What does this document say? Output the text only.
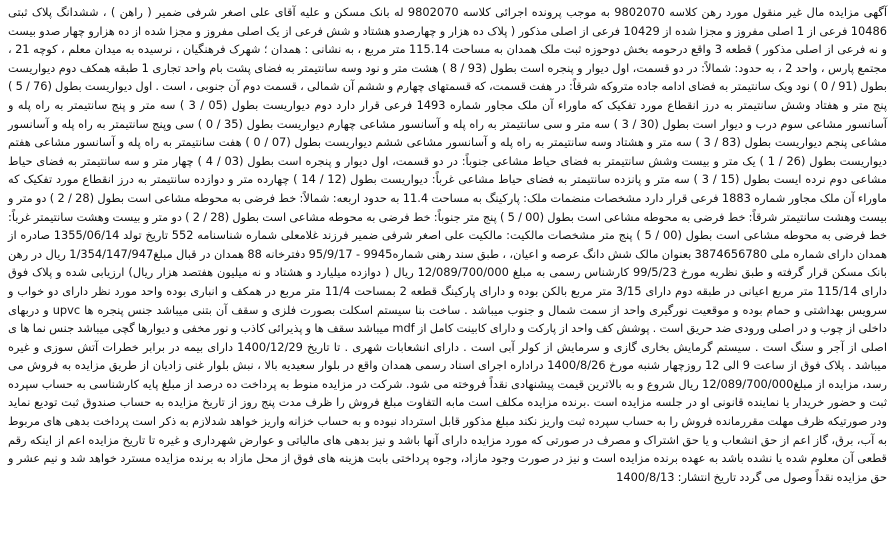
آگهی مزایده مال غیر منقول مورد رهن کلاسه 9802070 به موجب پرونده اجرائی کلاسه 9802070 له بانک مسکن و علیه آقای علی اصغر شرفی ضمیر ( راهن ) ، ششدانگ پلاک ثبتی 10486 فرعی از 1 اصلی مفروز و مجزا شده از 10429 فرعی از اصلی مذکور ( پلاک ده هزار و چهارصدو هشتاد و شش فرعی از یک اصلی مفروز و مجزا شده از ده هزارو چهار صدو بیست و نه فرعی از اصلی مذکور ) قطعه 3 واقع درحومه بخش دوحوزه ثبت ملک همدان به مساحت 115.14 متر مربع ، به نشانی : همدان ؛ شهرک فرهنگیان ، نرسیده به میدان معلم ، کوچه 21 ، مجتمع پارس ، واحد 2 ، به حدود: شمالاً: در دو قسمت، اول دیوار و پنجره است بطول (93 / 8 ) هشت متر و نود وسه سانتیمتر به فضای پشت بام واحد تجاری 1 طبقه همکف دوم دیواریست بطول (91 / 0 ) نود ویک سانتیمتر به فضای ادامه جاده متروکه شرقاً: در هفت قسمت، که قسمتهای چهارم و ششم آن شمالی ، قسمت دوم آن جنوبی ، است . اول دیواریست بطول (76 / 5 ) پنج متر و هفتاد وشش سانتیمتر به درز انقطاع مورد تفکیک که ماوراء آن ملک مجاور شماره 1493 فرعی قرار دارد دوم دیواریست بطول (05 / 3 ) سه متر و پنج سانتیمتر به راه پله و آسانسور مشاعی سوم درب و دیوار است بطول (30 / 3 ) سه متر و سی سانتیمتر به راه پله و آسانسور مشاعی چهارم دیواریست بطول (35 / 0 ) سی وپنج سانتیمتر به راه پله و آسانسور مشاعی پنجم دیواریست بطول (83 / 3 ) سه متر و هشتاد وسه سانتیمتر به راه پله و آسانسور مشاعی ششم دیواریست بطول (07 / 0 ) هفت سانتیمتر به راه پله و آسانسور مشاعی هفتم دیواریست بطول (26 / 1 ) یک متر و بیست وشش سانتیمتر به فضای حیاط مشاعی جنوباً: در دو قسمت، اول دیوار و پنجره است بطول (03 / 4 ) چهار متر و سه سانتیمتر به فضای حیاط مشاعی دوم نرده ایست بطول (15 / 3 ) سه متر و پانزده سانتیمتر به فضای حیاط مشاعی غرباً: دیواریست بطول (12 / 14 ) چهارده متر و دوازده سانتیمتر به درز انقطاع مورد تفکیک که ماوراء آن ملک مجاور شماره 1883 فرعی قرار دارد مشخصات منضمات ملک: پارکینگ به مساحت 11.4 به حدود اربعه: شمالاً: خط فرضی به محوطه مشاعی است بطول (28 / 2 ) دو متر و بیست وهشت سانتیمتر شرقاً: خط فرضی به محوطه مشاعی است بطول (00 / 5 ) پنج متر جنوباً: خط فرضی به محوطه مشاعی است بطول (28 / 2 ) دو متر و بیست وهشت سانتیمتر غرباً: خط فرضی به محوطه مشاعی است بطول (00 / 5 ) پنج متر مشخصات مالکیت: مالکیت علی اصغر شرفی ضمیر فرزند غلامعلی شماره شناسنامه 552 تاریخ تولد 1355/06/14 صادره از همدان دارای شماره ملی 3874656780 بعنوان مالک شش دانگ عرصه و اعیان، ، طبق سند رهنی شماره9945 - 95/9/17 دفترخانه 88 همدان در قبال مبلغ1/354/147/947 ریال در رهن بانک مسکن قرار گرفته و طبق نظریه مورخ 99/5/23 کارشناس رسمی به مبلغ 12/089/700/000 ریال ( دوازده میلیارد و هشتاد و نه میلیون هفتصد هزار ریال) ارزیابی شده و پلاک فوق دارای 115/14 متر مربع اعیانی در طبقه دوم دارای 3/15 متر مربع بالکن بوده و دارای پارکینگ قطعه 2 بمساحت 11/4 متر مربع در همکف و انباری بوده واحد مورد نظر دارای دو خواب و سرویس بهداشتی و حمام بوده و موقعیت نورگیری واحد از سمت شمال و جنوب میباشد . ساخت بنا سیستم اسکلت بصورت فلزی و سقف آن بتنی میباشد جنس پنجره ها upvc و دربهای داخلی از چوب و در اصلی ورودی ضد حریق است . پوشش کف واحد از پارکت و دارای کابینت کامل از mdf میباشد سقف ها و پذیرائی کاذب و نور مخفی و دیوارها گچی میباشد جنس نما ها ی اصلی از آجر و سنگ است . سیستم گرمایش بخاری گازی و سرمایش از کولر آبی است . دارای انشعابات شهری . تا تاریخ 1400/12/29 دارای بیمه در برابر خطرات آتش سوزی و غیره میباشد . پلاک فوق از ساعت 9 الی 12 روزچهار شنبه مورخ 1400/8/26 دراداره اجرای اسناد رسمی همدان واقع در بلوار سعیدیه بالا ، نبش بلوار غنی زادیان از طریق مزایده به فروش می رسد، مزایده از مبلغ12/089/700/000 ریال شروع و به بالاترین قیمت پیشنهادی نقداً فروخته می شود. شرکت در مزایده منوط به پرداخت ده درصد از مبلغ پایه کارشناسی به حساب سپرده ثبت و حضور خریدار یا نماینده قانونی او در جلسه مزایده است .برنده مزایده مکلف است مابه التفاوت مبلغ فروش را ظرف مدت پنج روز از تاریخ مزایده به حساب صندوق ثبت تودیع نماید ودر صورتیکه ظرف مهلت مقررمانده فروش را به حساب سپرده ثبت واریز نکند مبلغ مذکور قابل استرداد نبوده و به حساب خزانه واریز خواهد شدلازم به ذکر است پرداخت بدهی های مربوط به آب، برق، گاز اعم از حق انشعاب و یا حق اشتراک و مصرف در صورتی که مورد مزایده دارای آنها باشد و نیز بدهی های مالیاتی و عوارض شهرداری و غیره تا تاریخ مزایده اعم از اینکه رقم قطعی آن معلوم شده یا نشده باشد به عهده برنده مزایده است و نیز در صورت وجود مازاد، وجوه پرداختی بابت هزینه های فوق از محل مازاد به برنده مزایده مسترد خواهد شد و نیم عشر و حق مزایده نقداً وصول می گردد تاریخ انتشار: 1400/8/13
